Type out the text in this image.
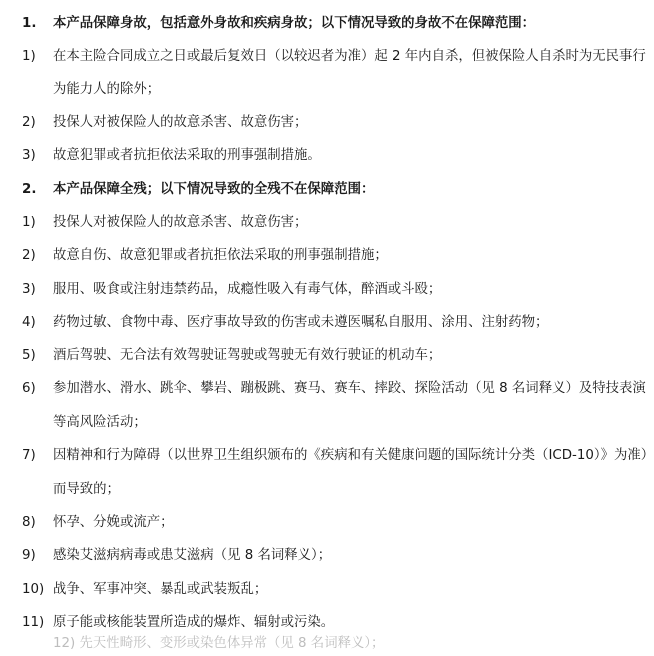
1. 本产品保障身故，包括意外身故和疾病身故；以下情况导致的身故不在保障范围：
1) 在本主险合同成立之日或最后复效日（以较迟者为准）起 2 年内自杀，但被保险人自杀时为无民事行
为能力人的除外；
2) 投保人对被保险人的故意杀害、故意伤害；
3) 故意犯罪或者抗拒依法采取的刑事强制措施。
2. 本产品保障全残；以下情况导致的全残不在保障范围：
1) 投保人对被保险人的故意杀害、故意伤害；
2) 故意自伤、故意犯罪或者抗拒依法采取的刑事强制措施；
3) 服用、吸食或注射违禁药品，成瘾性吸入有毒气体，醉酒或斗殴；
4) 药物过敏、食物中毒、医疗事故导致的伤害或未遵医嘱私自服用、涂用、注射药物；
5) 酒后驾驶、无合法有效驾驶证驾驶或驾驶无有效行驶证的机动车；
6) 参加潜水、滑水、跳伞、攀岩、蹦极跳、赛马、赛车、摔跤、探险活动（见 8 名词释义）及特技表演
等高风险活动；
7) 因精神和行为障碍（以世界卫生组织颁布的《疾病和有关健康问题的国际统计分类（ICD-10）》为准）
而导致的；
8) 怀孕、分娩或流产；
9) 感染艾滋病病毒或患艾滋病（见 8 名词释义）；
10) 战争、军事冲突、暴乱或武装叛乱；
11) 原子能或核能装置所造成的爆炸、辐射或污染。
12) 先天性畸形、变形或染色体异常（见 8 名词释义）；
